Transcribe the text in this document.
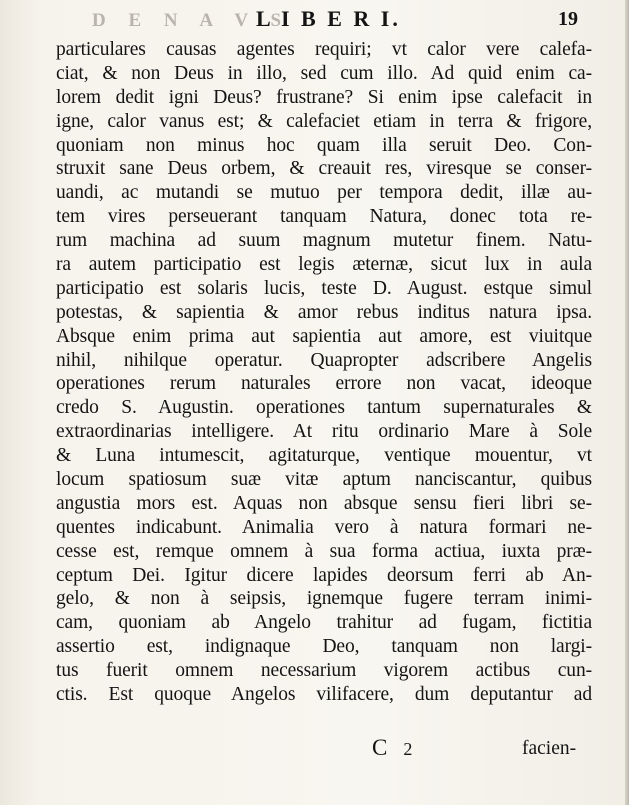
D E N A V S
L I B E R I.	19
particulares causas agentes requiri; vt calor vere calefa-
ciat, & non Deus in illo, sed cum illo. Ad quid enim ca-
lorem dedit igni Deus? frustrane? Si enim ipse calefacit in
igne, calor vanus est; & calefaciet etiam in terra & frigore,
quoniam non minus hoc quam illa seruit Deo. Con-
struxit sane Deus orbem, & creauit res, viresque se conser-
uandi, ac mutandi se mutuo per tempora dedit, illæ au-
tem vires perseuerant tanquam Natura, donec tota re-
rum machina ad suum magnum mutetur finem. Natu-
ra autem participatio est legis æternæ, sicut lux in aula
participatio est solaris lucis, teste D. August. estque simul
potestas, & sapientia & amor rebus inditus natura ipsa.
Absque enim prima aut sapientia aut amore, est viuitque
nihil, nihilque operatur. Quapropter adscribere Angelis
operationes rerum naturales errore non vacat, ideoque
credo S. Augustin. operationes tantum supernaturales &
extraordinarias intelligere. At ritu ordinario Mare à Sole
& Luna intumescit, agitaturque, ventique mouentur, vt
locum spatiosum suæ vitæ aptum nanciscantur, quibus
angustia mors est. Aquas non absque sensu fieri libri se-
quentes indicabunt. Animalia vero à natura formari ne-
cesse est, remque omnem à sua forma actiua, iuxta præ-
ceptum Dei. Igitur dicere lapides deorsum ferri ab An-
gelo, & non à seipsis, ignemque fugere terram inimi-
cam, quoniam ab Angelo trahitur ad fugam, fictitia
assertio est, indignaque Deo, tanquam non largi-
tus fuerit omnem necessarium vigorem actibus cun-
ctis. Est quoque Angelos vilifacere, dum deputantur ad
C 2	facien-
